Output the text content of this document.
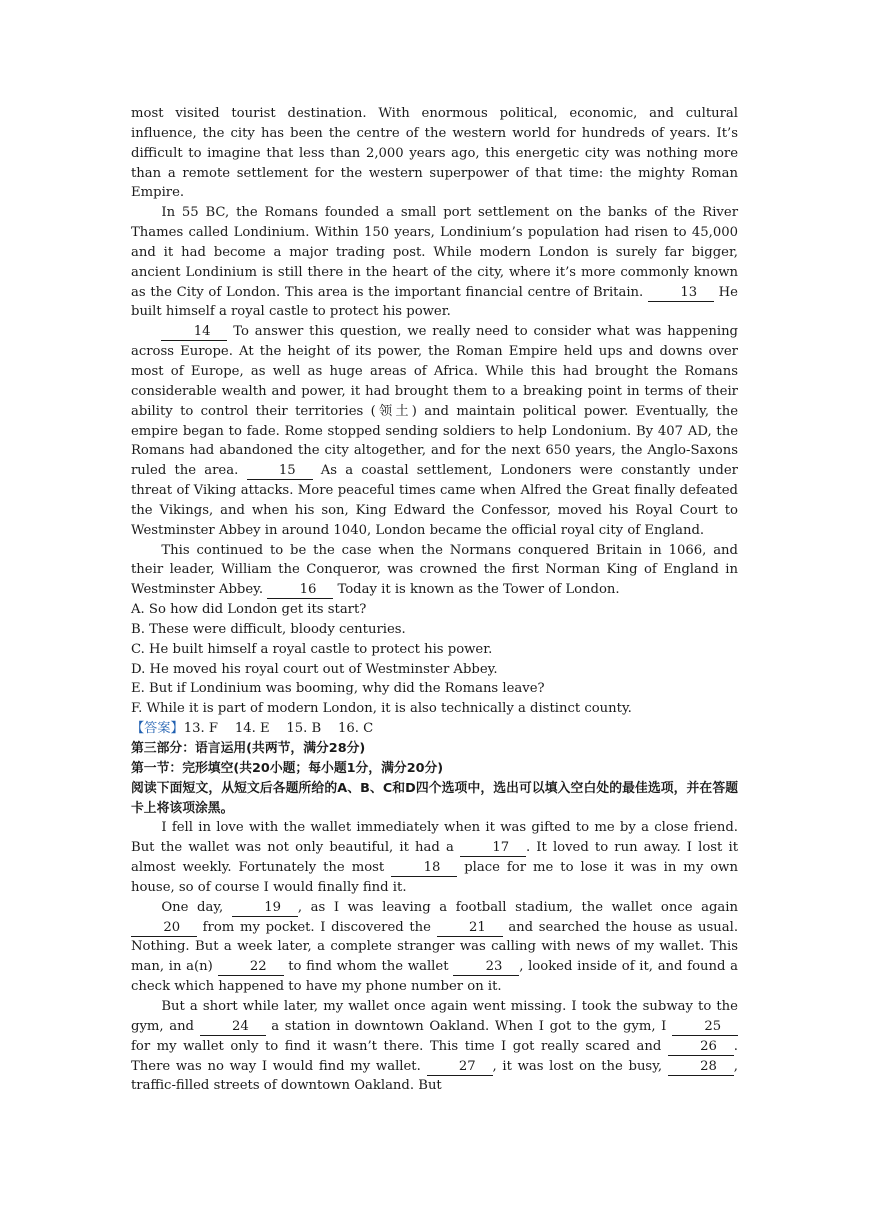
most visited tourist destination. With enormous political, economic, and cultural influence, the city has been the centre of the western world for hundreds of years. It’s difficult to imagine that less than 2,000 years ago, this energetic city was nothing more than a remote settlement for the western superpower of that time: the mighty Roman Empire.

In 55 BC, the Romans founded a small port settlement on the banks of the River Thames called Londinium. Within 150 years, Londinium’s population had risen to 45,000 and it had become a major trading post. While modern London is surely far bigger, ancient Londinium is still there in the heart of the city, where it’s more commonly known as the City of London. This area is the important financial centre of Britain.	13 He built himself a royal castle to protect his power.

14 To answer this question, we really need to consider what was happening across Europe. At the height of its power, the Roman Empire held ups and downs over most of Europe, as well as huge areas of Africa. While this had brought the Romans considerable wealth and power, it had brought them to a breaking point in terms of their ability to control their territories (领土) and maintain political power. Eventually, the empire began to fade. Rome stopped sending soldiers to help Londonium. By 407 AD, the Romans had abandoned the city altogether, and for the next 650 years, the Anglo-Saxons ruled the area.	15 As a coastal settlement, Londoners were constantly under threat of Viking attacks. More peaceful times came when Alfred the Great finally defeated the Vikings, and when his son, King Edward the Confessor, moved his Royal Court to Westminster Abbey in around 1040, London became the official royal city of England.

This continued to be the case when the Normans conquered Britain in 1066, and their leader, William the Conqueror, was crowned the first Norman King of England in Westminster Abbey.	16 Today it is known as the Tower of London.

A. So how did London get its start?

B. These were difficult, bloody centuries.

C. He built himself a royal castle to protect his power.

D. He moved his royal court out of Westminster Abbey.

E. But if Londinium was booming, why did the Romans leave?

F. While it is part of modern London, it is also technically a distinct county.

【答案】13. F    14. E    15. B    16. C

第三部分：语言运用(共两节，满分28分)

第一节：完形填空(共20小题；每小题1分，满分20分)

阅读下面短文，从短文后各题所给的A、B、C和D四个选项中，选出可以填入空白处的最佳选项，并在答题卡上将该项涂黑。

I fell in love with the wallet immediately when it was gifted to me by a close friend. But the wallet was not only beautiful, it had a	17 . It loved to run away. I lost it almost weekly. Fortunately the most	18 place for me to lose it was in my own house, so of course I would finally find it.

One day,	19 , as I was leaving a football stadium, the wallet once again 20 from my pocket. I discovered the	21 and searched the house as usual. Nothing. But a week later, a complete stranger was calling with news of my wallet. This man, in a(n)	22 to find whom the wallet	23 , looked inside of it, and found a check which happened to have my phone number on it.

But a short while later, my wallet once again went missing. I took the subway to the gym, and	24 a station in downtown Oakland. When I got to the gym, I	25 for my wallet only to find it wasn’t there. This time I got really scared and	26 . There was no way I would find my wallet.	27 , it was lost on the busy,	28 , traffic-filled streets of downtown Oakland. But
